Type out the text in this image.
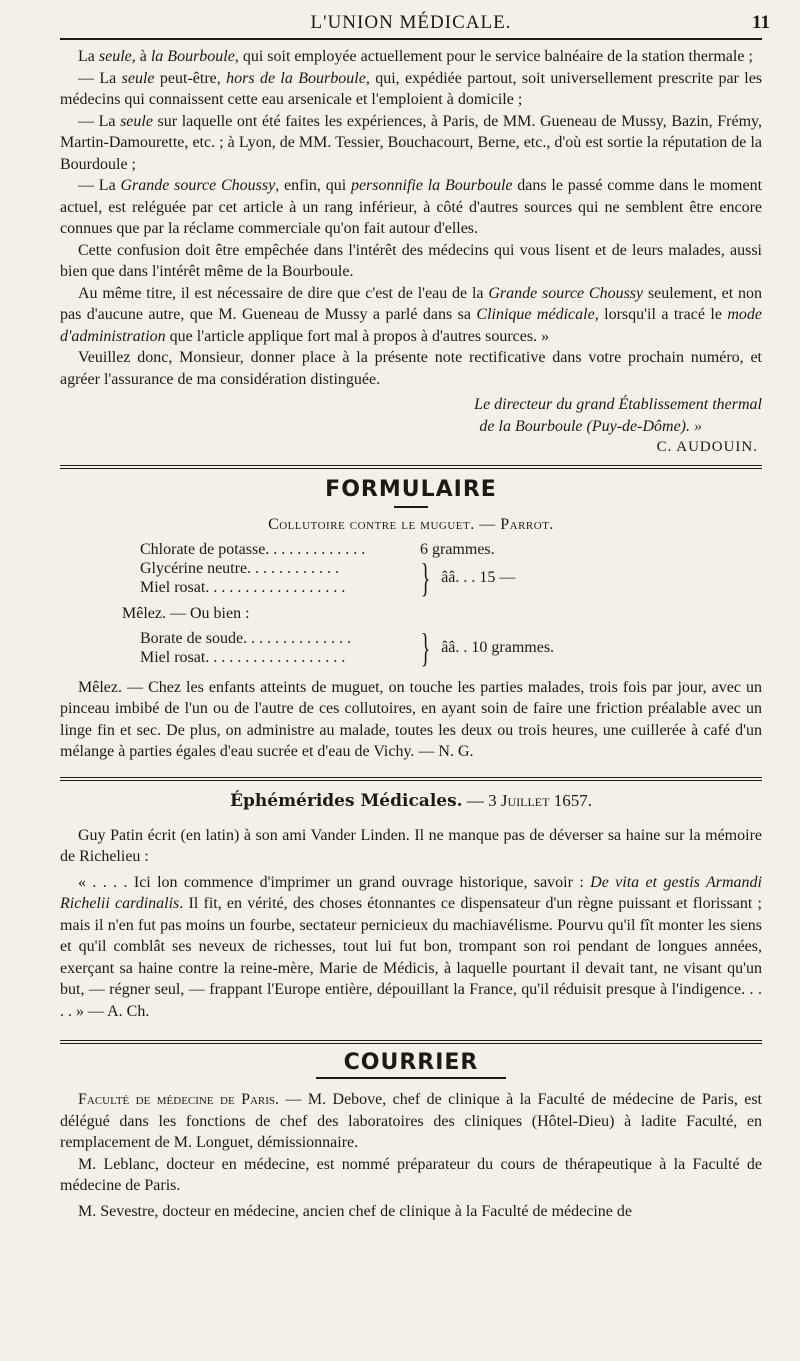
L'UNION MÉDICALE.	11

La seule, à la Bourboule, qui soit employée actuellement pour le service balnéaire de la station thermale ;

— La seule peut-être, hors de la Bourboule, qui, expédiée partout, soit universellement prescrite par les médecins qui connaissent cette eau arsenicale et l'emploient à domicile ;

— La seule sur laquelle ont été faites les expériences, à Paris, de MM. Gueneau de Mussy, Bazin, Frémy, Martin-Damourette, etc. ; à Lyon, de MM. Tessier, Bouchacourt, Berne, etc., d'où est sortie la réputation de la Bourdoule ;

— La Grande source Choussy, enfin, qui personnifie la Bourboule dans le passé comme dans le moment actuel, est reléguée par cet article à un rang inférieur, à côté d'autres sources qui ne semblent être encore connues que par la réclame commerciale qu'on fait autour d'elles.

Cette confusion doit être empêchée dans l'intérêt des médecins qui vous lisent et de leurs malades, aussi bien que dans l'intérêt même de la Bourboule.

Au même titre, il est nécessaire de dire que c'est de l'eau de la Grande source Choussy seulement, et non pas d'aucune autre, que M. Gueneau de Mussy a parlé dans sa Clinique médicale, lorsqu'il a tracé le mode d'administration que l'article applique fort mal à propos à d'autres sources. »

Veuillez donc, Monsieur, donner place à la présente note rectificative dans votre prochain numéro, et agréer l'assurance de ma considération distinguée.

Le directeur du grand Établissement thermal
de la Bourboule (Puy-de-Dôme). »
C. AUDOUIN.
FORMULAIRE
Collutoire contre le muguet. — Parrot.
Chlorate de potasse. . . . . . . . . . . . .	6 grammes.
Glycérine neutre. . . . . . . . . . . .
Miel rosat. . . . . . . . . . . . . . . . . .	} ââ. . . 15 —
Mêlez. — Ou bien :
Borate de soude. . . . . . . . . . . . . .
Miel rosat. . . . . . . . . . . . . . . . . .	} ââ. . 10 grammes.

Mêlez. — Chez les enfants atteints de muguet, on touche les parties malades, trois fois par jour, avec un pinceau imbibé de l'un ou de l'autre de ces collutoires, en ayant soin de faire une friction préalable avec un linge fin et sec. De plus, on administre au malade, toutes les deux ou trois heures, une cuillerée à café d'un mélange à parties égales d'eau sucrée et d'eau de Vichy. — N. G.

Éphémérides Médicales. — 3 Juillet 1657.

Guy Patin écrit (en latin) à son ami Vander Linden. Il ne manque pas de déverser sa haine sur la mémoire de Richelieu :

« . . . . Ici lon commence d'imprimer un grand ouvrage historique, savoir : De vita et gestis Armandi Richelii cardinalis. Il fit, en vérité, des choses étonnantes ce dispensateur d'un règne puissant et florissant ; mais il n'en fut pas moins un fourbe, sectateur pernicieux du machiavélisme. Pourvu qu'il fît monter les siens et qu'il comblât ses neveux de richesses, tout lui fut bon, trompant son roi pendant de longues années, exerçant sa haine contre la reine-mère, Marie de Médicis, à laquelle pourtant il devait tant, ne visant qu'un but, — régner seul, — frappant l'Europe entière, dépouillant la France, qu'il réduisit presque à l'indigence. . . . . » — A. Ch.

COURRIER

Faculté de médecine de Paris. — M. Debove, chef de clinique à la Faculté de médecine de Paris, est délégué dans les fonctions de chef des laboratoires des cliniques (Hôtel-Dieu) à ladite Faculté, en remplacement de M. Longuet, démissionnaire.

M. Leblanc, docteur en médecine, est nommé préparateur du cours de thérapeutique à la Faculté de médecine de Paris.

M. Sevestre, docteur en médecine, ancien chef de clinique à la Faculté de médecine de
